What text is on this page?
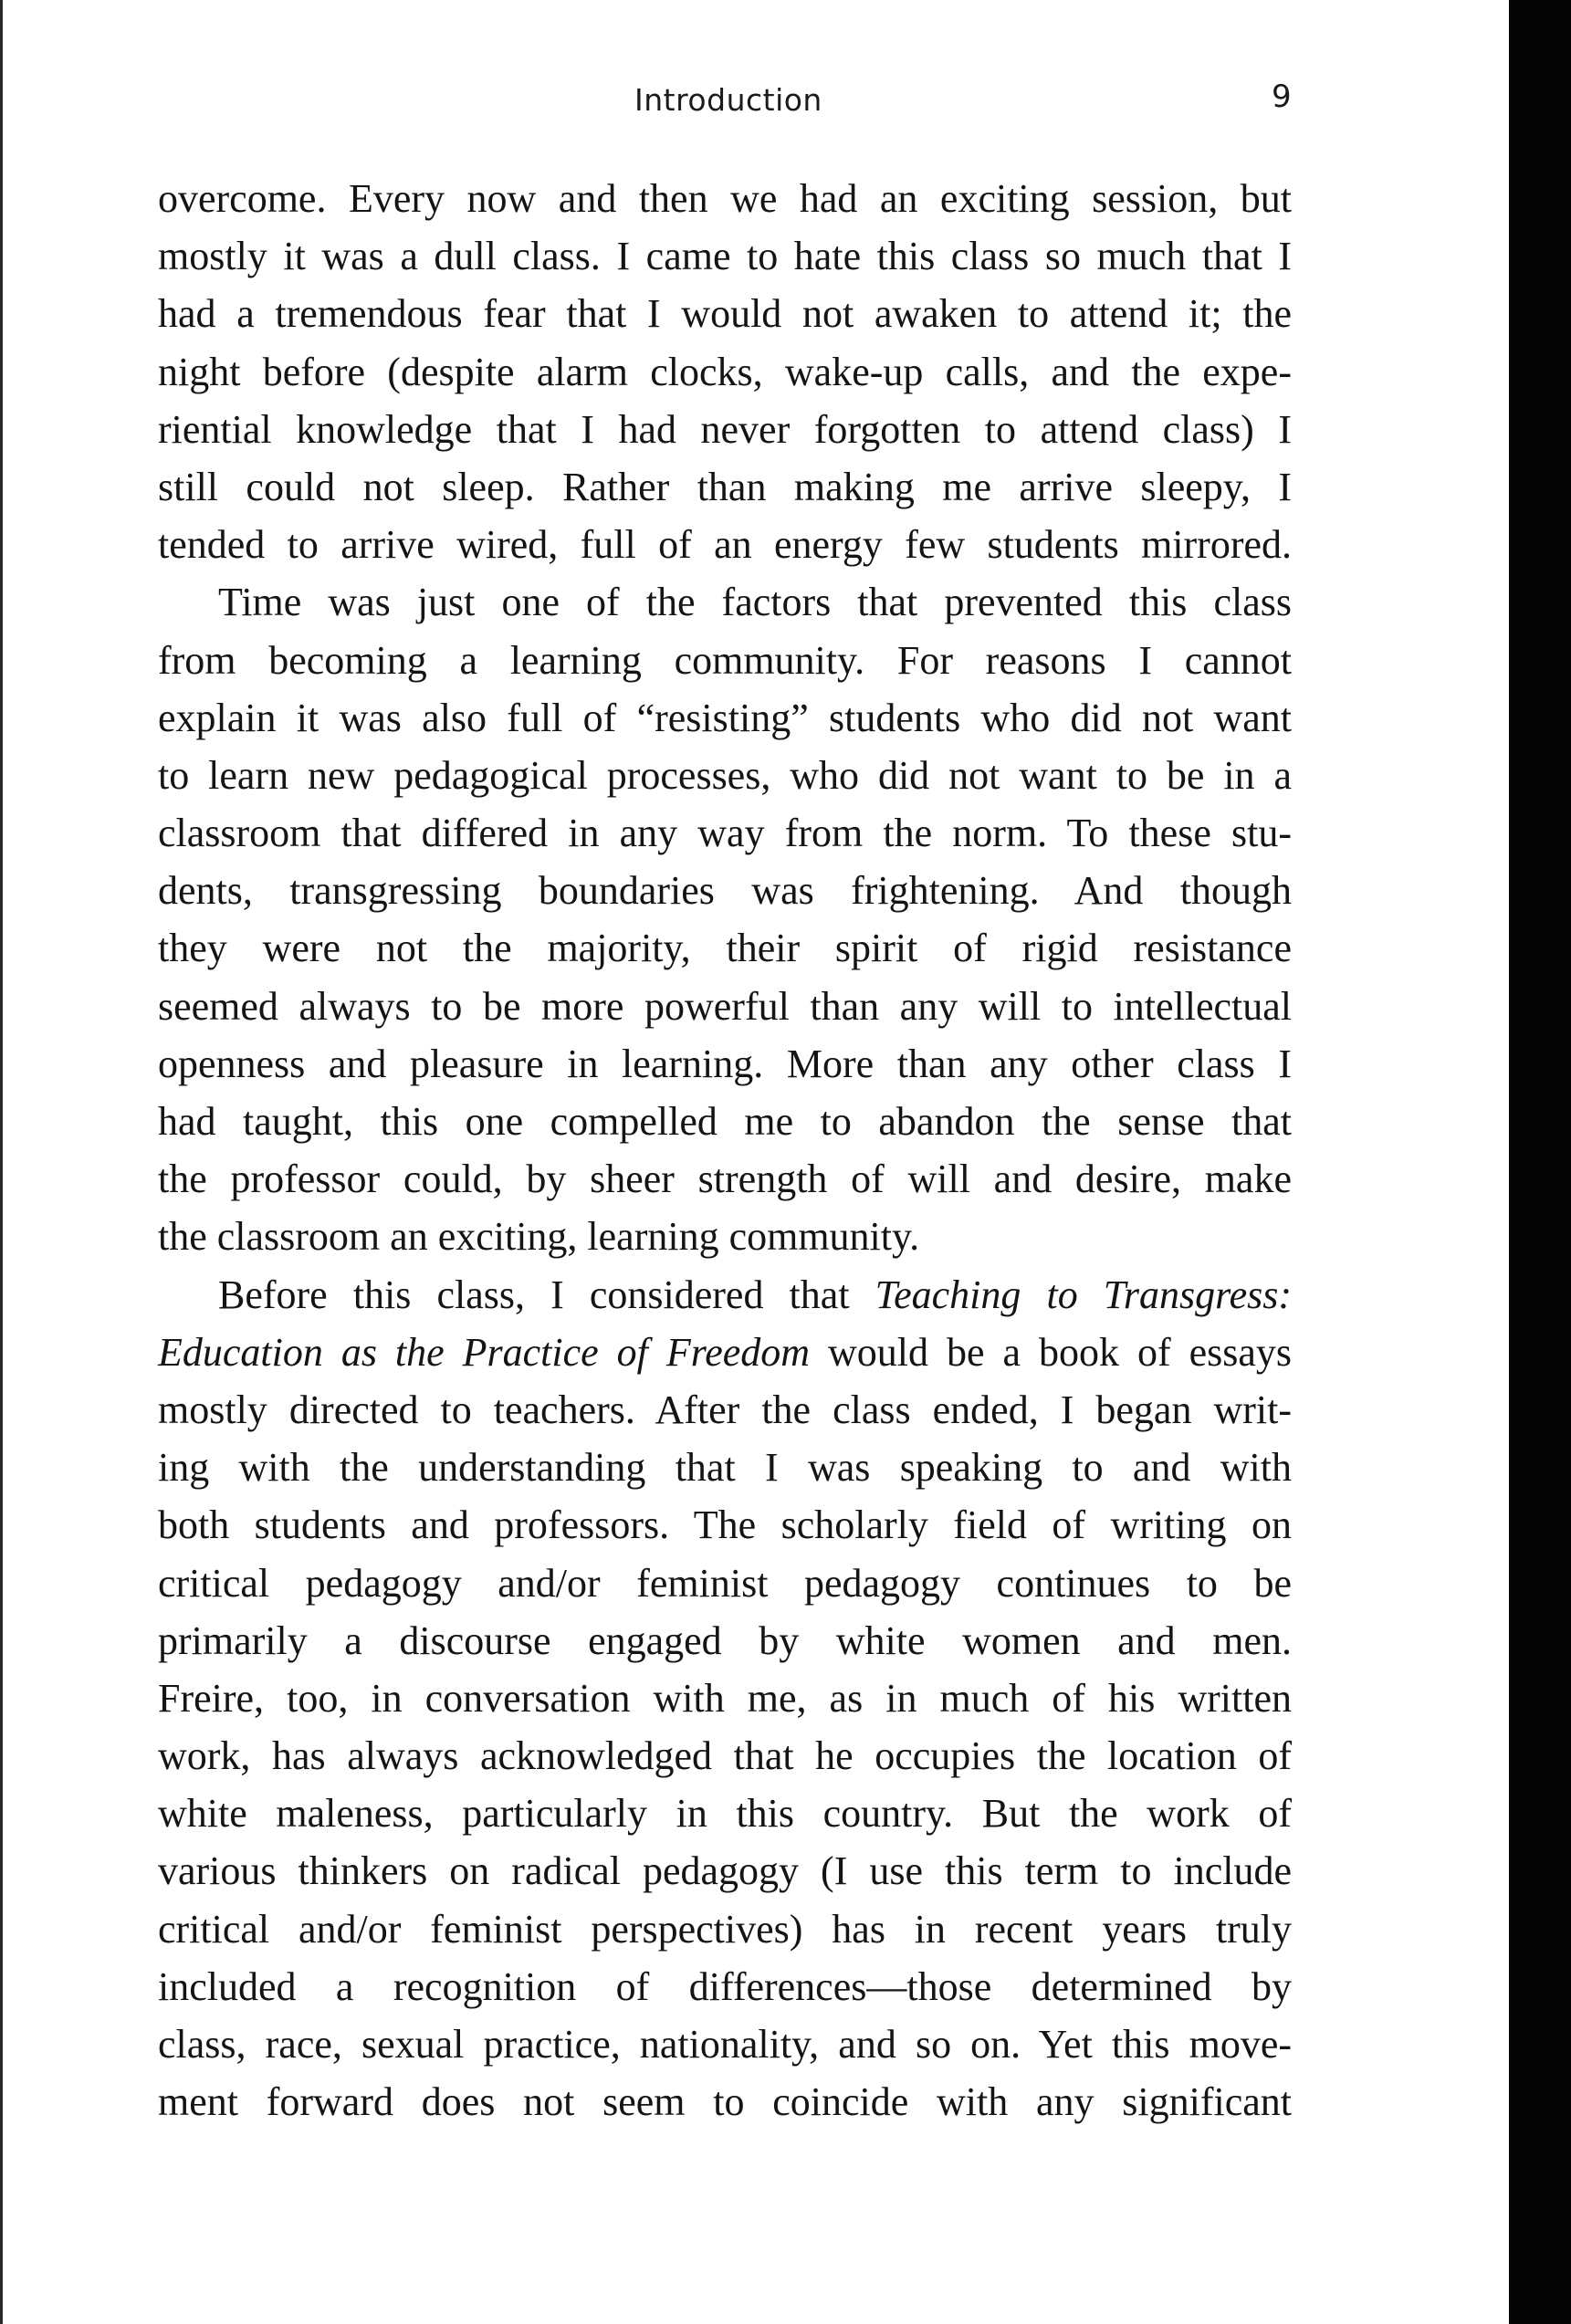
Introduction	9
overcome. Every now and then we had an exciting session, but
mostly it was a dull class. I came to hate this class so much that I
had a tremendous fear that I would not awaken to attend it; the
night before (despite alarm clocks, wake-up calls, and the expe-
riential knowledge that I had never forgotten to attend class) I
still could not sleep. Rather than making me arrive sleepy, I
tended to arrive wired, full of an energy few students mirrored.
Time was just one of the factors that prevented this class
from becoming a learning community. For reasons I cannot
explain it was also full of “resisting” students who did not want
to learn new pedagogical processes, who did not want to be in a
classroom that differed in any way from the norm. To these stu-
dents, transgressing boundaries was frightening. And though
they were not the majority, their spirit of rigid resistance
seemed always to be more powerful than any will to intellectual
openness and pleasure in learning. More than any other class I
had taught, this one compelled me to abandon the sense that
the professor could, by sheer strength of will and desire, make
the classroom an exciting, learning community.
Before this class, I considered that Teaching to Transgress:
Education as the Practice of Freedom would be a book of essays
mostly directed to teachers. After the class ended, I began writ-
ing with the understanding that I was speaking to and with
both students and professors. The scholarly field of writing on
critical pedagogy and/or feminist pedagogy continues to be
primarily a discourse engaged by white women and men.
Freire, too, in conversation with me, as in much of his written
work, has always acknowledged that he occupies the location of
white maleness, particularly in this country. But the work of
various thinkers on radical pedagogy (I use this term to include
critical and/or feminist perspectives) has in recent years truly
included a recognition of differences—those determined by
class, race, sexual practice, nationality, and so on. Yet this move-
ment forward does not seem to coincide with any significant
